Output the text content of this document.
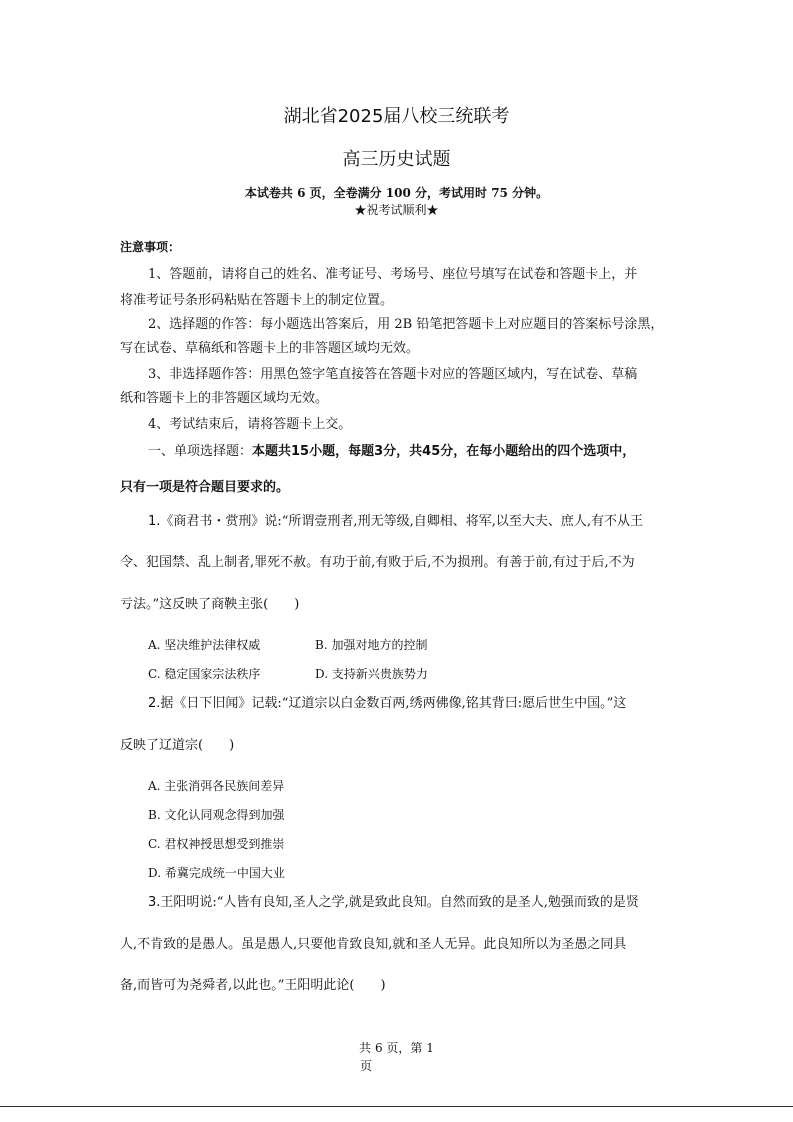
湖北省2025届八校三统联考
高三历史试题
本试卷共 6 页，全卷满分 100 分，考试用时 75 分钟。
★祝考试顺利★
注意事项：
1、答题前，请将自己的姓名、准考证号、考场号、座位号填写在试卷和答题卡上，并
将准考证号条形码粘贴在答题卡上的制定位置。
2、选择题的作答：每小题选出答案后，用 2B 铅笔把答题卡上对应题目的答案标号涂黑，
写在试卷、草稿纸和答题卡上的非答题区域均无效。
3、非选择题作答：用黑色签字笔直接答在答题卡对应的答题区域内，写在试卷、草稿
纸和答题卡上的非答题区域均无效。
4、考试结束后，请将答题卡上交。
一、单项选择题：本题共15小题，每题3分，共45分，在每小题给出的四个选项中，
只有一项是符合题目要求的。
1.《商君书・赏刑》说:“所谓壹刑者,刑无等级,自卿相、将军,以至大夫、庶人,有不从王
令、犯国禁、乱上制者,罪死不赦。有功于前,有败于后,不为损刑。有善于前,有过于后,不为
亏法。”这反映了商鞅主张(　　)
A. 坚决维护法律权威	B. 加强对地方的控制
C. 稳定国家宗法秩序	D. 支持新兴贵族势力
2.据《日下旧闻》记载:“辽道宗以白金数百两,绣两佛像,铭其背曰:愿后世生中国。”这
反映了辽道宗(　　)
A. 主张消弭各民族间差异
B. 文化认同观念得到加强
C. 君权神授思想受到推崇
D. 希冀完成统一中国大业
3.王阳明说:“人皆有良知,圣人之学,就是致此良知。自然而致的是圣人,勉强而致的是贤
人,不肯致的是愚人。虽是愚人,只要他肯致良知,就和圣人无异。此良知所以为圣愚之同具
备,而皆可为尧舜者,以此也。”王阳明此论(　　)
共 6 页，第 1
页
